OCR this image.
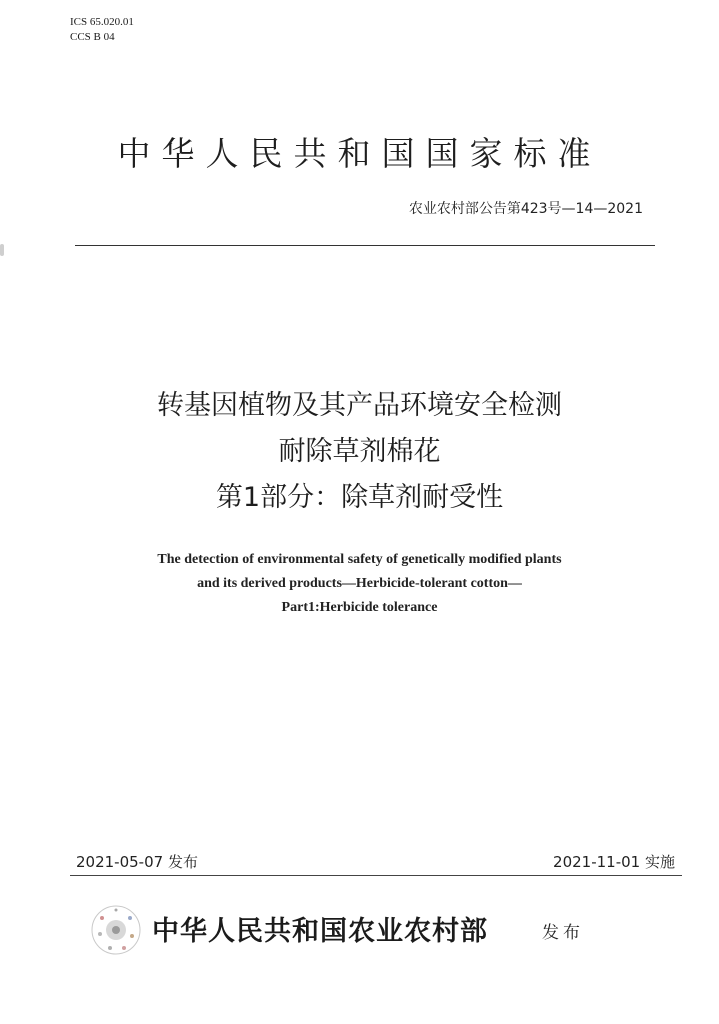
ICS 65.020.01
CCS B 04
中华人民共和国国家标准
农业农村部公告第423号—14—2021
转基因植物及其产品环境安全检测
耐除草剂棉花
第1部分：除草剂耐受性
The detection of environmental safety of genetically modified plants
and its derived products—Herbicide-tolerant cotton—
Part1:Herbicide tolerance
2021-05-07 发布	2021-11-01 实施
中华人民共和国农业农村部	发布
